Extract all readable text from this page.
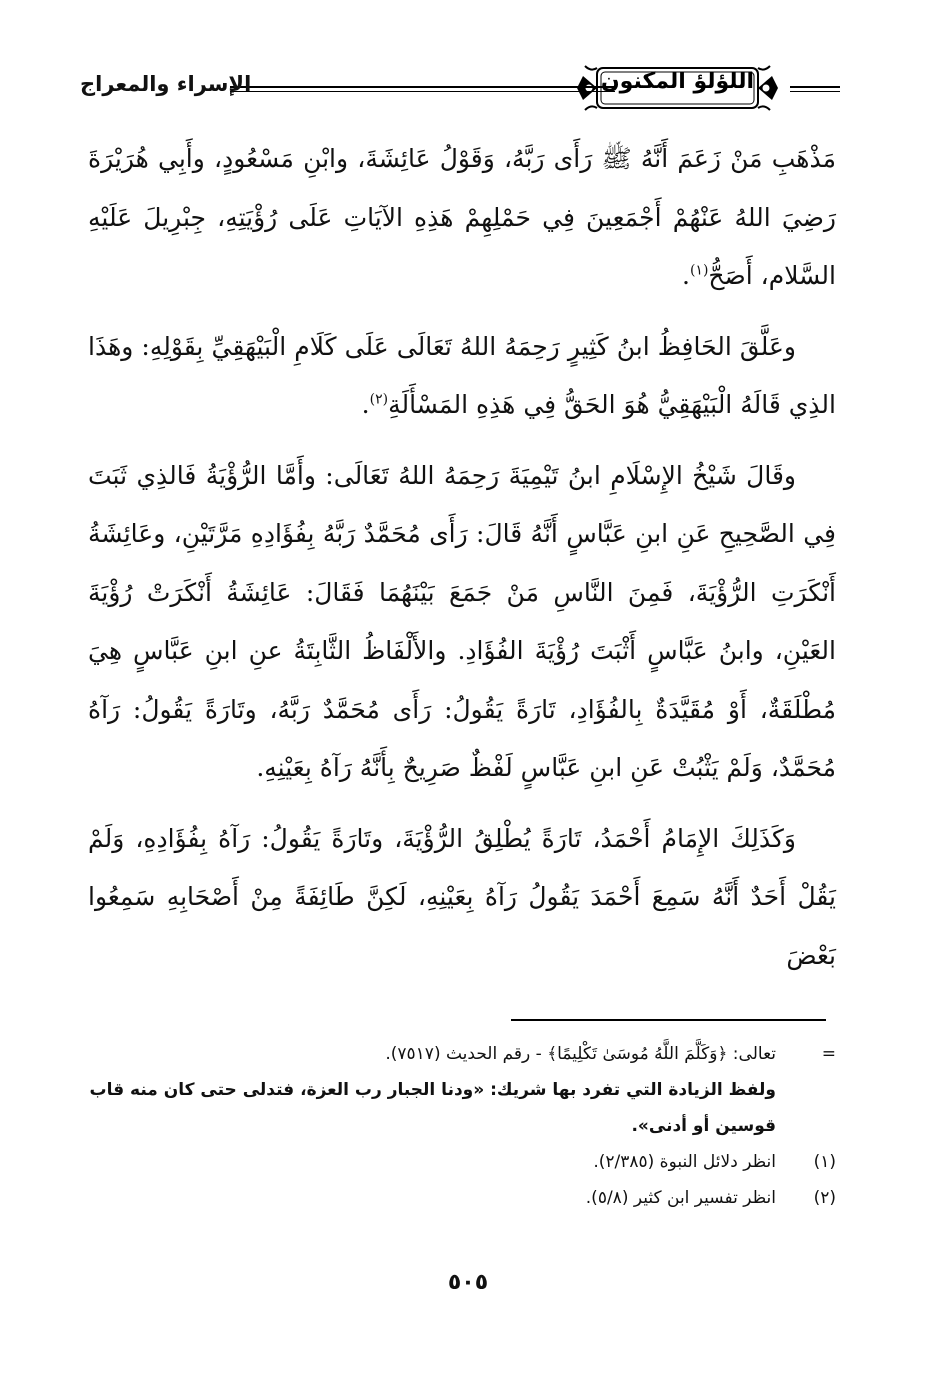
اللؤلؤ المكنون
الإسراء والمعراج

مَذْهَبِ مَنْ زَعَمَ أَنَّهُ ﷺ رَأَى رَبَّهُ، وَقَوْلُ عَائِشَةَ، وابْنِ مَسْعُودٍ، وأَبِي هُرَيْرَةَ رَضِيَ اللهُ عَنْهُمْ أَجْمَعِينَ فِي حَمْلِهِمْ هَذِهِ الآيَاتِ عَلَى رُؤْيَتِهِ، جِبْرِيلَ عَلَيْهِ السَّلام، أَصَحُّ$^{(١)}$.

وعَلَّقَ الحَافِظُ ابنُ كَثِيرٍ رَحِمَهُ اللهُ تَعَالَى عَلَى كَلَامِ الْبَيْهَقِيِّ بِقَوْلِهِ: وهَذَا الذِي قَالَهُ الْبَيْهَقِيُّ هُوَ الحَقُّ فِي هَذِهِ المَسْأَلَةِ$^{(٢)}$.

وقَالَ شَيْخُ الإِسْلَامِ ابنُ تَيْمِيَةَ رَحِمَهُ اللهُ تَعَالَى: وأَمَّا الرُّؤْيَةُ فَالذِي ثَبَتَ فِي الصَّحِيحِ عَنِ ابنِ عَبَّاسٍ أَنَّهُ قَالَ: رَأَى مُحَمَّدٌ رَبَّهُ بِفُؤَادِهِ مَرَّتَيْنِ، وعَائِشَةُ أَنْكَرَتِ الرُّؤْيَةَ، فَمِنَ النَّاسِ مَنْ جَمَعَ بَيْنَهُمَا فَقَالَ: عَائِشَةُ أَنْكَرَتْ رُؤْيَةَ العَيْنِ، وابنُ عَبَّاسٍ أَثْبَتَ رُؤْيَةَ الفُؤَادِ. والأَلْفَاظُ الثَّابِتَةُ عنِ ابنِ عَبَّاسٍ هِيَ مُطْلَقَةٌ، أَوْ مُقَيَّدَةٌ بِالفُؤَادِ، تَارَةً يَقُولُ: رَأَى مُحَمَّدٌ رَبَّهُ، وتَارَةً يَقُولُ: رَآهُ مُحَمَّدٌ، وَلَمْ يَثْبُتْ عَنِ ابنِ عَبَّاسٍ لَفْظٌ صَرِيحٌ بِأَنَّهُ رَآهُ بِعَيْنِهِ.

وَكَذَلِكَ الإِمَامُ أَحْمَدُ، تَارَةً يُطْلِقُ الرُّؤْيَةَ، وتَارَةً يَقُولُ: رَآهُ بِفُؤَادِهِ، وَلَمْ يَقُلْ أَحَدٌ أَنَّهُ سَمِعَ أَحْمَدَ يَقُولُ رَآهُ بِعَيْنِهِ، لَكِنَّ طَائِفَةً مِنْ أَصْحَابِهِ سَمِعُوا بَعْضَ

=
تعالى: ﴿وَكَلَّمَ اللَّهُ مُوسَىٰ تَكْلِيمًا﴾ - رقم الحديث (٧٥١٧).
ولفظ الزيادة التي تفرد بها شريك: «ودنا الجبار رب العزة، فتدلى حتى كان منه قاب قوسين أو أدنى».
(١)
انظر دلائل النبوة (٢/٣٨٥).
(٢)
انظر تفسير ابن كثير (٥/٨).
٥٠٥
